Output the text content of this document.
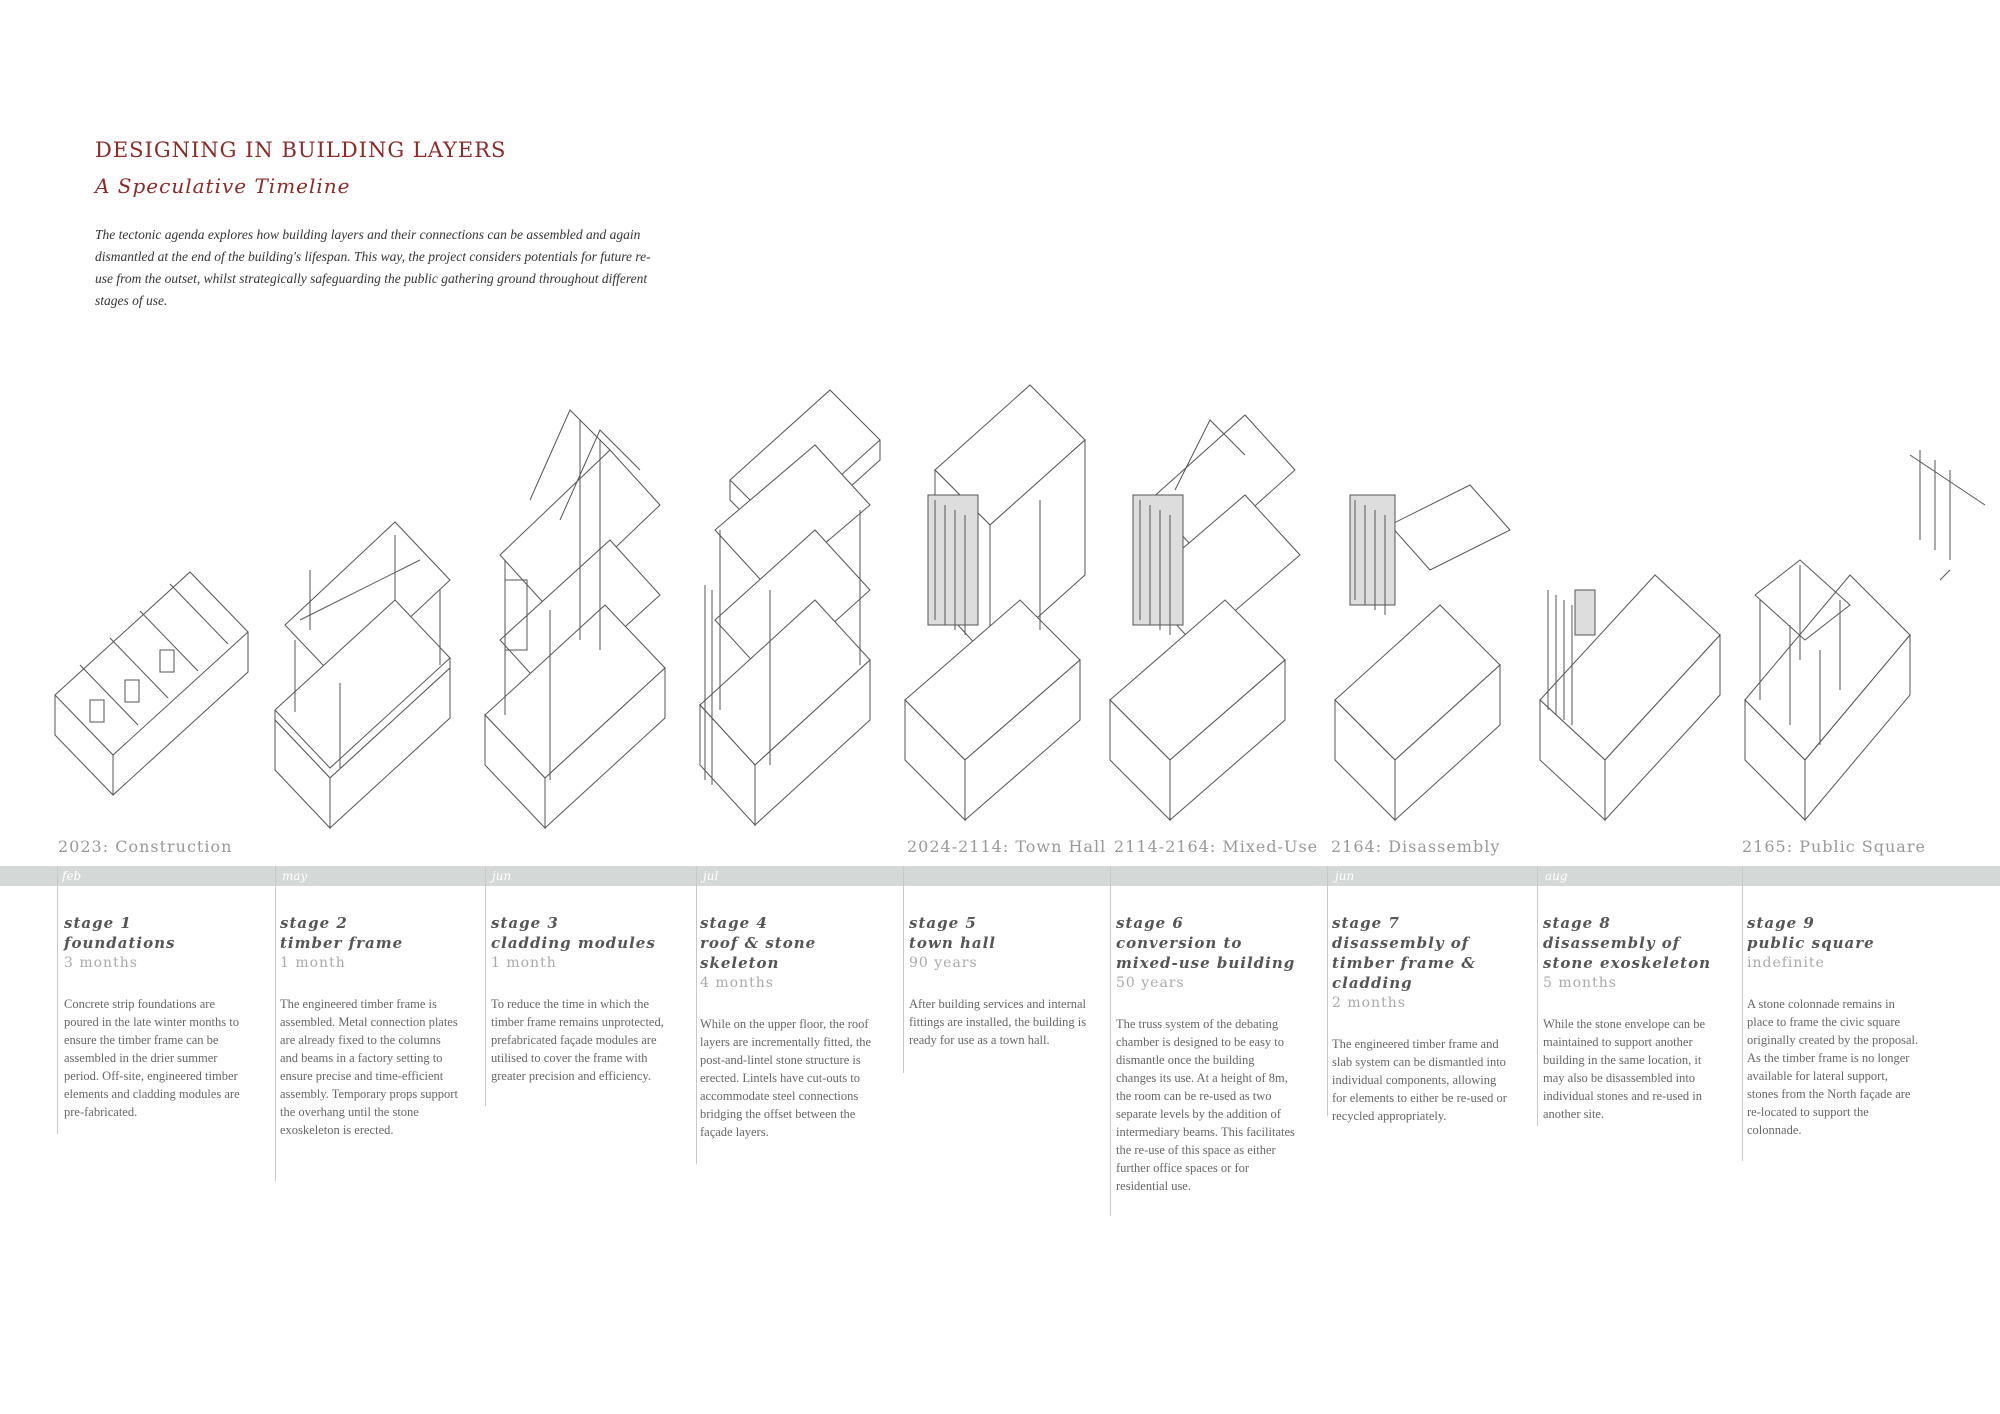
DESIGNING IN BUILDING LAYERS
A Speculative Timeline
The tectonic agenda explores how building layers and their connections can be assembled and again dismantled at the end of the building's lifespan. This way, the project considers potentials for future re-use from the outset, whilst strategically safeguarding the public gathering ground throughout different stages of use.
2023: Construction	2024-2114: Town Hall 2114-2164: Mixed-Use 2164: Disassembly	2165: Public Square
feb	may	jun	jul	jun	aug
stage 1
foundations
3 months
Concrete strip foundations are poured in the late winter months to ensure the timber frame can be assembled in the drier summer period. Off-site, engineered timber elements and cladding modules are pre-fabricated.
stage 2
timber frame
1 month
The engineered timber frame is assembled. Metal connection plates are already fixed to the columns and beams in a factory setting to ensure precise and time-efficient assembly. Temporary props support the overhang until the stone exoskeleton is erected.
stage 3
cladding modules
1 month
To reduce the time in which the timber frame remains unprotected, prefabricated façade modules are utilised to cover the frame with greater precision and efficiency.
stage 4
roof & stone skeleton
4 months
While on the upper floor, the roof layers are incrementally fitted, the post-and-lintel stone structure is erected. Lintels have cut-outs to accommodate steel connections bridging the offset between the façade layers.
stage 5
town hall
90 years
After building services and internal fittings are installed, the building is ready for use as a town hall.
stage 6
conversion to mixed-use building
50 years
The truss system of the debating chamber is designed to be easy to dismantle once the building changes its use. At a height of 8m, the room can be re-used as two separate levels by the addition of intermediary beams. This facilitates the re-use of this space as either further office spaces or for residential use.
stage 7
disassembly of timber frame & cladding
2 months
The engineered timber frame and slab system can be dismantled into individual components, allowing for elements to either be re-used or recycled appropriately.
stage 8
disassembly of stone exoskeleton
5 months
While the stone envelope can be maintained to support another building in the same location, it may also be disassembled into individual stones and re-used in another site.
stage 9
public square
indefinite
A stone colonnade remains in place to frame the civic square originally created by the proposal. As the timber frame is no longer available for lateral support, stones from the North façade are re-located to support the colonnade.
